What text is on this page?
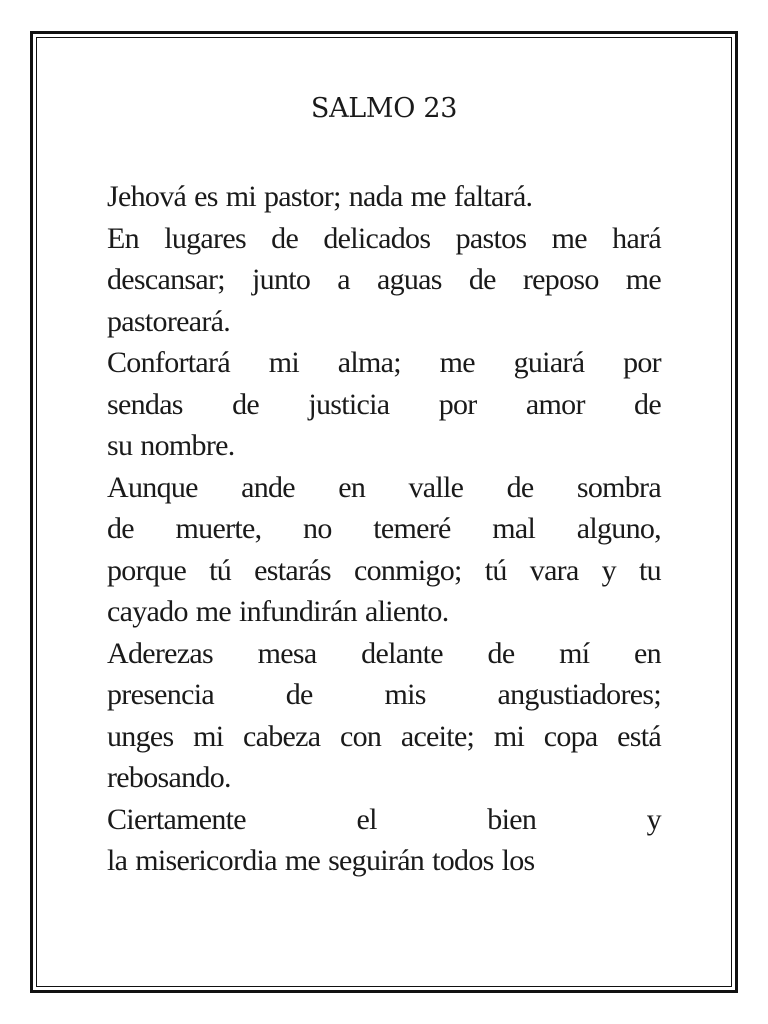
SALMO 23
Jehová es mi pastor; nada me faltará.
En lugares de delicados pastos me hará
descansar; junto a aguas de reposo me
pastoreará.
Confortará mi alma; me guiará por
sendas de justicia por amor de
su nombre.
Aunque ande en valle de sombra
de muerte, no temeré mal alguno,
porque tú estarás conmigo; tú vara y tu
cayado me infundirán aliento.
Aderezas mesa delante de mí en
presencia de mis angustiadores;
unges mi cabeza con aceite; mi copa está
rebosando.
Ciertamente	el	bien	y
la misericordia me seguirán todos los
